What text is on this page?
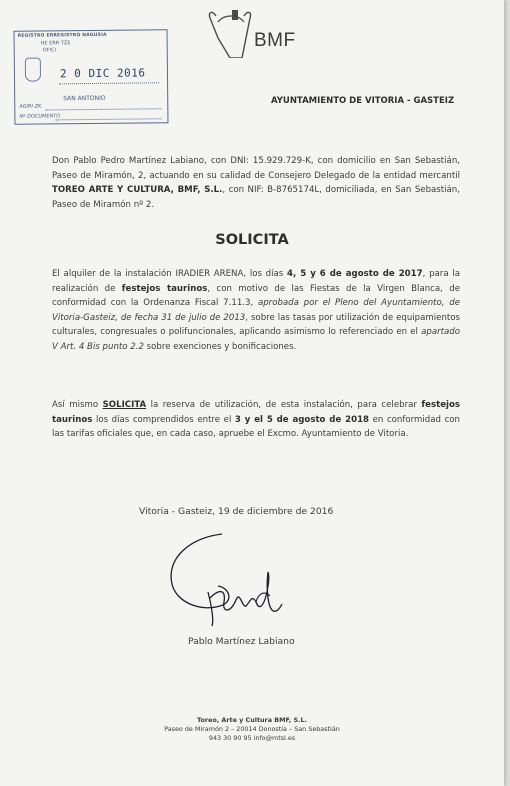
REGISTRO ERREGISTRO NAGUSIA
HE ERR TZE
OFICI
2 0 DIC 2016
SAN ANTONIO
AGIRI ZK.
Nº DOCUMENTO
BMF
AYUNTAMIENTO DE VITORIA - GASTEIZ
Don Pablo Pedro Martínez Labiano, con DNI: 15.929.729-K, con domicilio en San Sebastián, Paseo de Miramón, 2, actuando en su calidad de Consejero Delegado de la entidad mercantil TOREO ARTE Y CULTURA, BMF, S.L., con NIF: B-8765174L, domiciliada, en San Sebastián, Paseo de Miramón nº 2.
SOLICITA
El alquiler de la instalación IRADIER ARENA, los días 4, 5 y 6 de agosto de 2017, para la realización de festejos taurinos, con motivo de las Fiestas de la Virgen Blanca, de conformidad con la Ordenanza Fiscal 7.11.3, aprobada por el Pleno del Ayuntamiento, de Vitoria-Gasteiz, de fecha 31 de julio de 2013, sobre las tasas por utilización de equipamientos culturales, congresuales o polifuncionales, aplicando asimismo lo referenciado en el apartado V Art. 4 Bis punto 2.2 sobre exenciones y bonificaciones.
Así mismo SOLICITA la reserva de utilización, de esta instalación, para celebrar festejos taurinos los días comprendidos entre el 3 y el 5 de agosto de 2018 en conformidad con las tarifas oficiales que, en cada caso, apruebe el Excmo. Ayuntamiento de Vitoria.
Vitoria - Gasteiz, 19 de diciembre de 2016
Pablo Martínez Labiano
Toreo, Arte y Cultura BMF, S.L.
Paseo de Miramón 2 – 20014 Donostia – San Sebastián
943 30 90 95 info@mtsl.es
